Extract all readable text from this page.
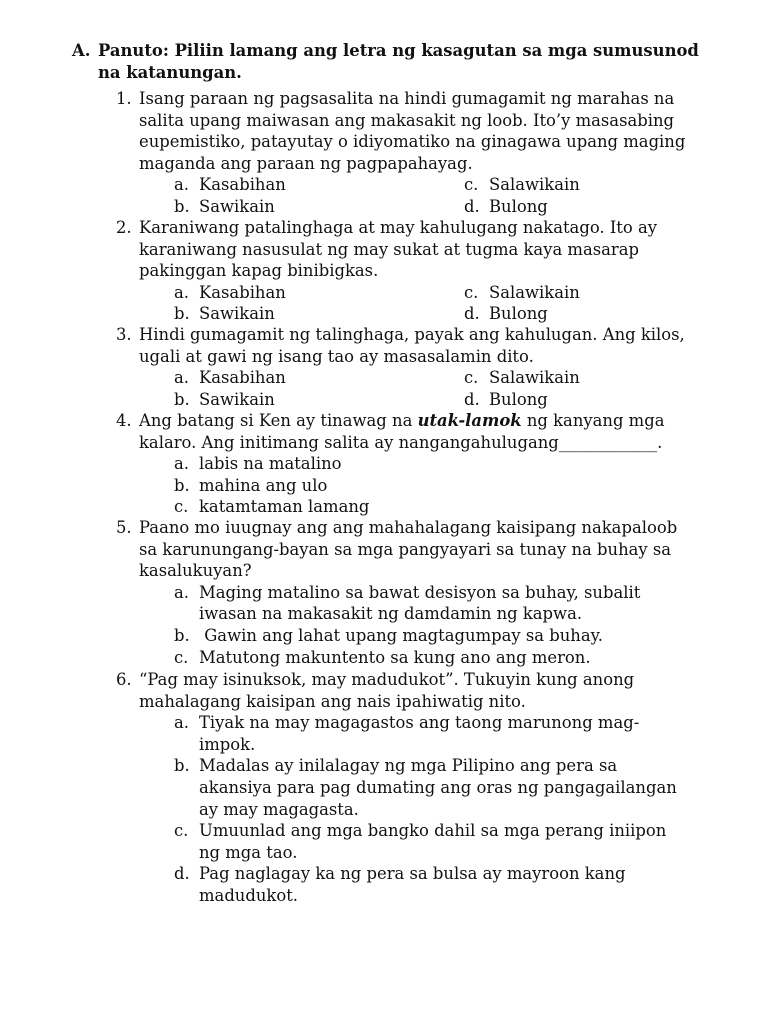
A. Panuto: Piliin lamang ang letra ng kasagutan sa mga sumusunod
na katanungan.
1. Isang paraan ng pagsasalita na hindi gumagamit ng marahas na
salita upang maiwasan ang makasakit ng loob. Ito’y masasabing
eupemistiko, patayutay o idiyomatiko na ginagawa upang maging
maganda ang paraan ng pagpapahayag.
a. Kasabihan	c. Salawikain
b. Sawikain	d. Bulong
2. Karaniwang patalinghaga at may kahulugang nakatago. Ito ay
karaniwang nasusulat ng may sukat at tugma kaya masarap
pakinggan kapag binibigkas.
a. Kasabihan	c. Salawikain
b. Sawikain	d. Bulong
3. Hindi gumagamit ng talinghaga, payak ang kahulugan. Ang kilos,
ugali at gawi ng isang tao ay masasalamin dito.
a. Kasabihan	c. Salawikain
b. Sawikain	d. Bulong
4. Ang batang si Ken ay tinawag na utak-lamok ng kanyang mga
kalaro. Ang initimang salita ay nangangahulugang____________.
a. labis na matalino
b. mahina ang ulo
c. katamtaman lamang
5. Paano mo iuugnay ang ang mahahalagang kaisipang nakapaloob
sa karunungang-bayan sa mga pangyayari sa tunay na buhay sa
kasalukuyan?
a. Maging matalino sa bawat desisyon sa buhay, subalit
iwasan na makasakit ng damdamin ng kapwa.
b. Gawin ang lahat upang magtagumpay sa buhay.
c. Matutong makuntento sa kung ano ang meron.
6. “Pag may isinuksok, may madudukot”. Tukuyin kung anong
mahalagang kaisipan ang nais ipahiwatig nito.
a. Tiyak na may magagastos ang taong marunong mag-
impok.
b. Madalas ay inilalagay ng mga Pilipino ang pera sa
akansiya para pag dumating ang oras ng pangagailangan
ay may magagasta.
c. Umuunlad ang mga bangko dahil sa mga perang iniipon
ng mga tao.
d. Pag naglagay ka ng pera sa bulsa ay mayroon kang
madudukot.
